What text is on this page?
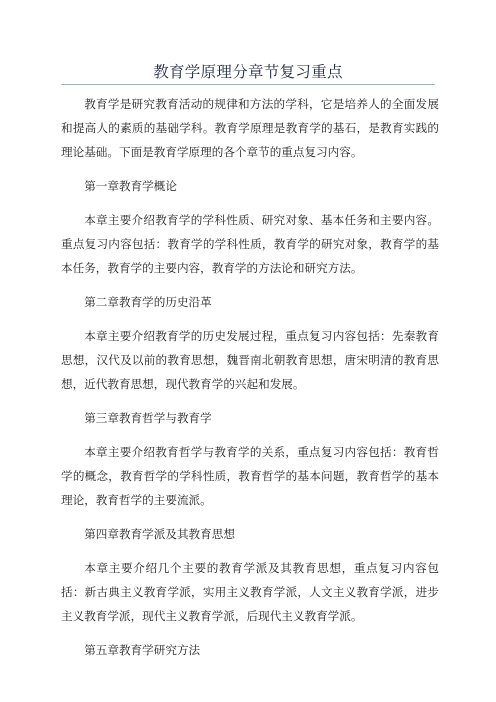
教育学原理分章节复习重点

教育学是研究教育活动的规律和方法的学科，它是培养人的全面发展和提高人的素质的基础学科。教育学原理是教育学的基石，是教育实践的理论基础。下面是教育学原理的各个章节的重点复习内容。

第一章教育学概论

本章主要介绍教育学的学科性质、研究对象、基本任务和主要内容。重点复习内容包括：教育学的学科性质，教育学的研究对象，教育学的基本任务，教育学的主要内容，教育学的方法论和研究方法。

第二章教育学的历史沿革

本章主要介绍教育学的历史发展过程，重点复习内容包括：先秦教育思想，汉代及以前的教育思想，魏晋南北朝教育思想，唐宋明清的教育思想，近代教育思想，现代教育学的兴起和发展。

第三章教育哲学与教育学

本章主要介绍教育哲学与教育学的关系，重点复习内容包括：教育哲学的概念，教育哲学的学科性质，教育哲学的基本问题，教育哲学的基本理论，教育哲学的主要流派。

第四章教育学派及其教育思想

本章主要介绍几个主要的教育学派及其教育思想，重点复习内容包括：新古典主义教育学派，实用主义教育学派，人文主义教育学派，进步主义教育学派，现代主义教育学派，后现代主义教育学派。

第五章教育学研究方法
